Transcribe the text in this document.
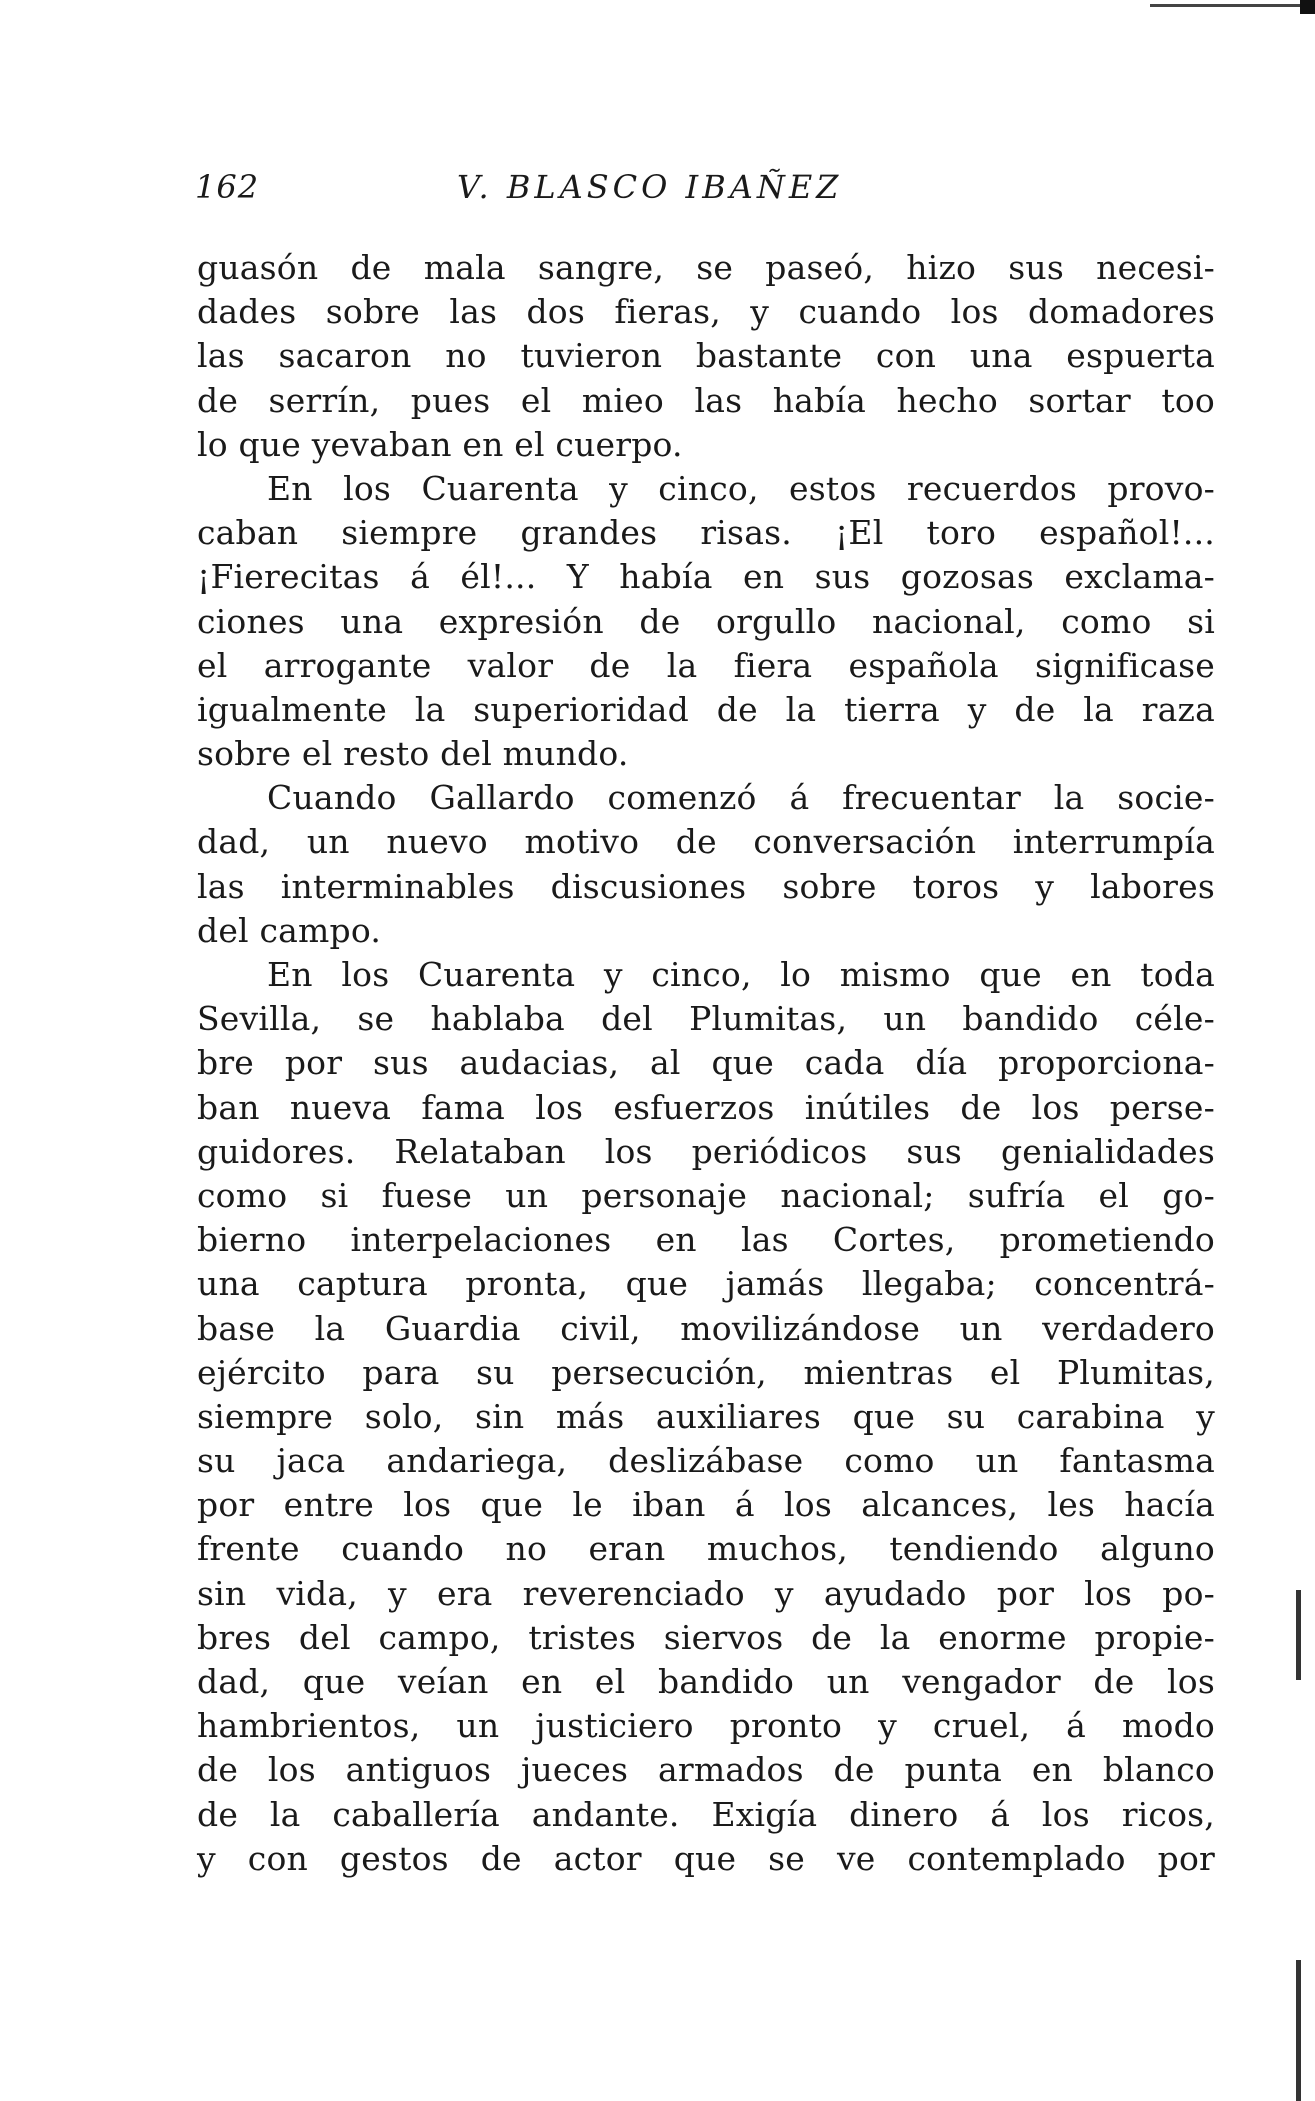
162	V. BLASCO IBAÑEZ
guasón de mala sangre, se paseó, hizo sus necesi-
dades sobre las dos fieras, y cuando los domadores
las sacaron no tuvieron bastante con una espuerta
de serrín, pues el mieo las había hecho sortar too
lo que yevaban en el cuerpo.
En los Cuarenta y cinco, estos recuerdos provo-
caban siempre grandes risas. ¡El toro español!...
¡Fierecitas á él!... Y había en sus gozosas exclama-
ciones una expresión de orgullo nacional, como si
el arrogante valor de la fiera española significase
igualmente la superioridad de la tierra y de la raza
sobre el resto del mundo.
Cuando Gallardo comenzó á frecuentar la socie-
dad, un nuevo motivo de conversación interrumpía
las interminables discusiones sobre toros y labores
del campo.
En los Cuarenta y cinco, lo mismo que en toda
Sevilla, se hablaba del Plumitas, un bandido céle-
bre por sus audacias, al que cada día proporciona-
ban nueva fama los esfuerzos inútiles de los perse-
guidores. Relataban los periódicos sus genialidades
como si fuese un personaje nacional; sufría el go-
bierno interpelaciones en las Cortes, prometiendo
una captura pronta, que jamás llegaba; concentrá-
base la Guardia civil, movilizándose un verdadero
ejército para su persecución, mientras el Plumitas,
siempre solo, sin más auxiliares que su carabina y
su jaca andariega, deslizábase como un fantasma
por entre los que le iban á los alcances, les hacía
frente cuando no eran muchos, tendiendo alguno
sin vida, y era reverenciado y ayudado por los po-
bres del campo, tristes siervos de la enorme propie-
dad, que veían en el bandido un vengador de los
hambrientos, un justiciero pronto y cruel, á modo
de los antiguos jueces armados de punta en blanco
de la caballería andante. Exigía dinero á los ricos,
y con gestos de actor que se ve contemplado por
